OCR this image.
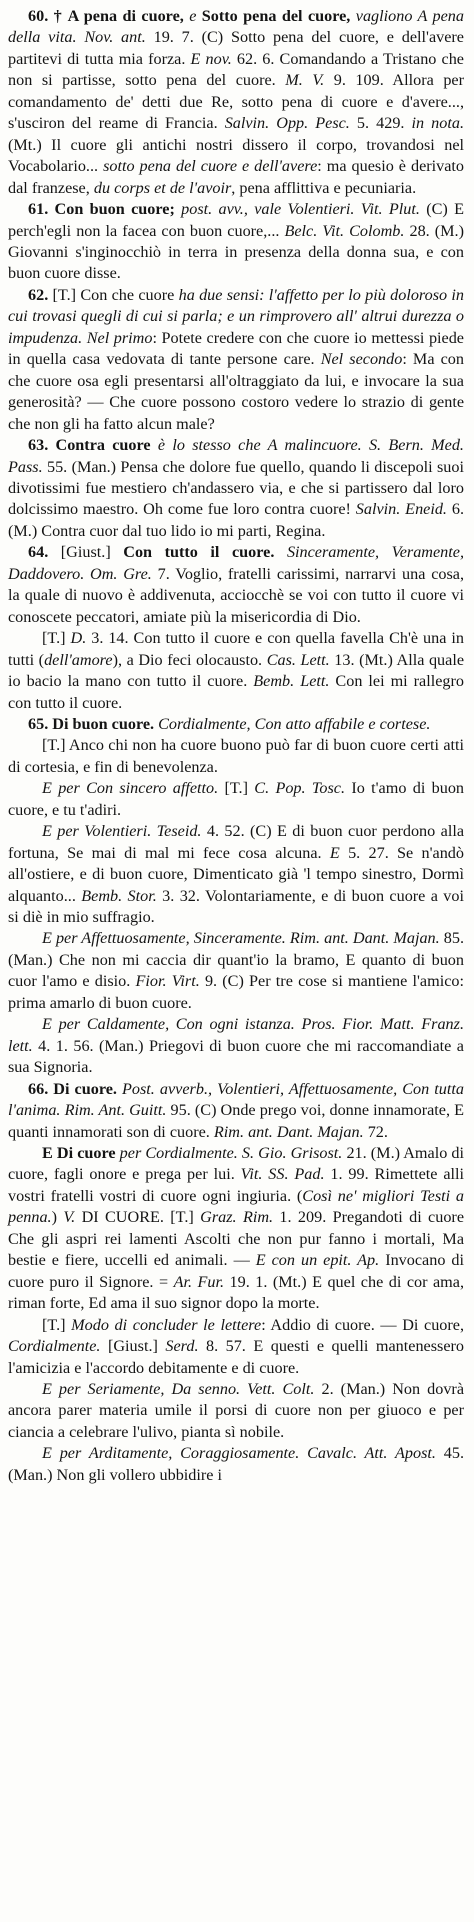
60. † A pena di cuore, e Sotto pena del cuore, vagliono A pena della vita. Nov. ant. 19. 7. (C) Sotto pena del cuore, e dell'avere partitevi di tutta mia forza. E nov. 62. 6. Comandando a Tristano che non si partisse, sotto pena del cuore. M. V. 9. 109. Allora per comandamento de' detti due Re, sotto pena di cuore e d'avere..., s'usciron del reame di Francia. Salvin. Opp. Pesc. 5. 429. in nota. (Mt.) Il cuore gli antichi nostri dissero il corpo, trovandosi nel Vocabolario... sotto pena del cuore e dell'avere: ma quesio è derivato dal franzese, du corps et de l'avoir, pena afflittiva e pecuniaria.

61. Con buon cuore; post. avv., vale Volentieri. Vit. Plut. (C) E perch'egli non la facea con buon cuore,... Belc. Vit. Colomb. 28. (M.) Giovanni s'inginocchiò in terra in presenza della donna sua, e con buon cuore disse.

62. [T.] Con che cuore ha due sensi: l'affetto per lo più doloroso in cui trovasi quegli di cui si parla; e un rimprovero all' altrui durezza o impudenza. Nel primo: Potete credere con che cuore io mettessi piede in quella casa vedovata di tante persone care. Nel secondo: Ma con che cuore osa egli presentarsi all'oltraggiato da lui, e invocare la sua generosità? — Che cuore possono costoro vedere lo strazio di gente che non gli ha fatto alcun male?

63. Contra cuore è lo stesso che A malincuore. S. Bern. Med. Pass. 55. (Man.) Pensa che dolore fue quello, quando li discepoli suoi divotissimi fue mestiero ch'andassero via, e che si partissero dal loro dolcissimo maestro. Oh come fue loro contra cuore! Salvin. Eneid. 6. (M.) Contra cuor dal tuo lido io mi parti, Regina.

64. [Giust.] Con tutto il cuore. Sinceramente, Veramente, Daddovero. Om. Gre. 7. Voglio, fratelli carissimi, narrarvi una cosa, la quale di nuovo è addivenuta, acciocchè se voi con tutto il cuore vi conoscete peccatori, amiate più la misericordia di Dio.

[T.] D. 3. 14. Con tutto il cuore e con quella favella Ch'è una in tutti (dell'amore), a Dio feci olocausto. Cas. Lett. 13. (Mt.) Alla quale io bacio la mano con tutto il cuore. Bemb. Lett. Con lei mi rallegro con tutto il cuore.

65. Di buon cuore. Cordialmente, Con atto affabile e cortese.

[T.] Anco chi non ha cuore buono può far di buon cuore certi atti di cortesia, e fin di benevolenza.

E per Con sincero affetto. [T.] C. Pop. Tosc. Io t'amo di buon cuore, e tu t'adiri.

E per Volentieri. Teseid. 4. 52. (C) E di buon cuor perdono alla fortuna, Se mai di mal mi fece cosa alcuna. E 5. 27. Se n'andò all'ostiere, e di buon cuore, Dimenticato già 'l tempo sinestro, Dormì alquanto... Bemb. Stor. 3. 32. Volontariamente, e di buon cuore a voi si diè in mio suffragio.

E per Affettuosamente, Sinceramente. Rim. ant. Dant. Majan. 85. (Man.) Che non mi caccia dir quant'io la bramo, E quanto di buon cuor l'amo e disio. Fior. Virt. 9. (C) Per tre cose si mantiene l'amico: prima amarlo di buon cuore.

E per Caldamente, Con ogni istanza. Pros. Fior. Matt. Franz. lett. 4. 1. 56. (Man.) Priegovi di buon cuore che mi raccomandiate a sua Signoria.

66. Di cuore. Post. avverb., Volentieri, Affettuosamente, Con tutta l'anima. Rim. Ant. Guitt. 95. (C) Onde prego voi, donne innamorate, E quanti innamorati son di cuore. Rim. ant. Dant. Majan. 72.

E Di cuore per Cordialmente. S. Gio. Grisost. 21. (M.) Amalo di cuore, fagli onore e prega per lui. Vit. SS. Pad. 1. 99. Rimettete alli vostri fratelli vostri di cuore ogni ingiuria. (Così ne' migliori Testi a penna.) V. DI CUORE. [T.] Graz. Rim. 1. 209. Pregandoti di cuore Che gli aspri rei lamenti Ascolti che non pur fanno i mortali, Ma bestie e fiere, uccelli ed animali. — E con un epit. Ap. Invocano di cuore puro il Signore. = Ar. Fur. 19. 1. (Mt.) E quel che di cor ama, riman forte, Ed ama il suo signor dopo la morte.

[T.] Modo di concluder le lettere: Addio di cuore. — Di cuore, Cordialmente. [Giust.] Serd. 8. 57. E questi e quelli mantenessero l'amicizia e l'accordo debitamente e di cuore.

E per Seriamente, Da senno. Vett. Colt. 2. (Man.) Non dovrà ancora parer materia umile il porsi di cuore non per giuoco e per ciancia a celebrare l'ulivo, pianta sì nobile.

E per Arditamente, Coraggiosamente. Cavalc. Att. Apost. 45. (Man.) Non gli vollero ubbidire i
